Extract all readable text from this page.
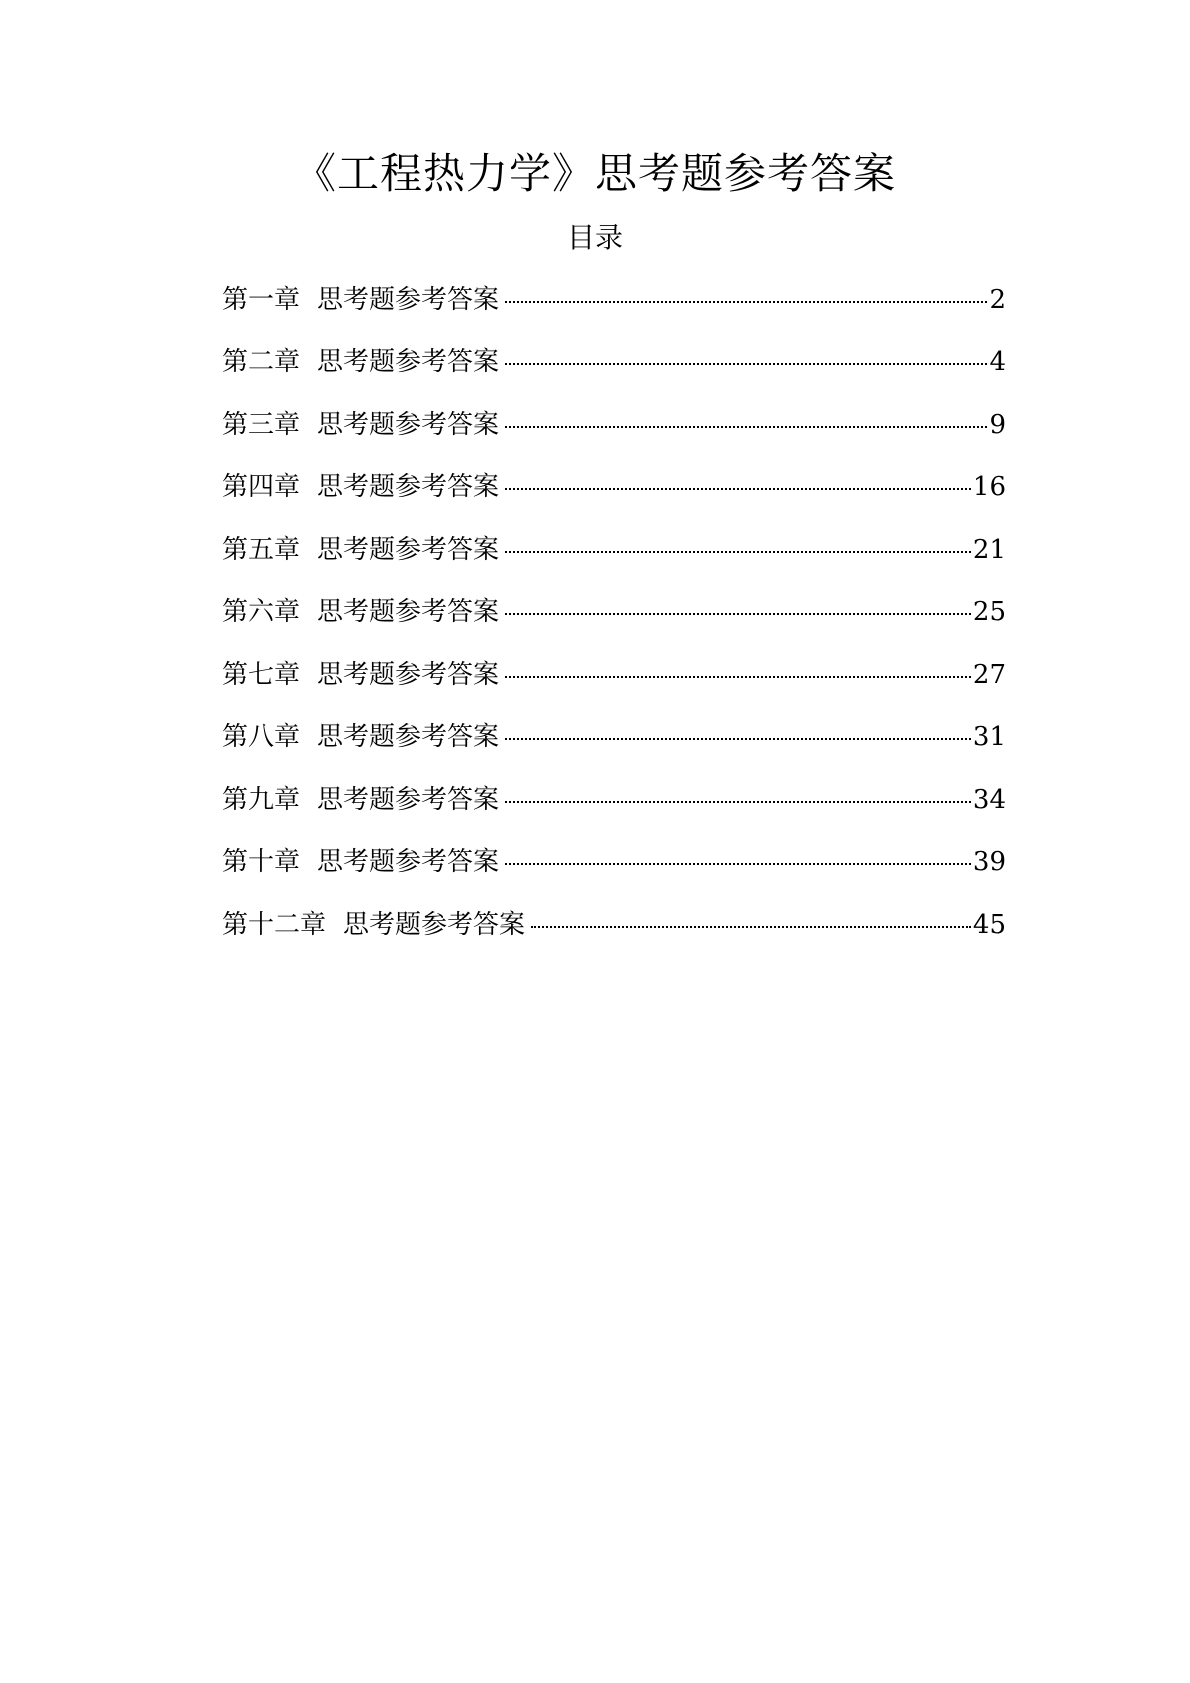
《工程热力学》思考题参考答案
目录
第一章 思考题参考答案	2
第二章 思考题参考答案	4
第三章 思考题参考答案	9
第四章 思考题参考答案	16
第五章 思考题参考答案	21
第六章 思考题参考答案	25
第七章 思考题参考答案	27
第八章 思考题参考答案	31
第九章 思考题参考答案	34
第十章 思考题参考答案	39
第十二章 思考题参考答案	45
